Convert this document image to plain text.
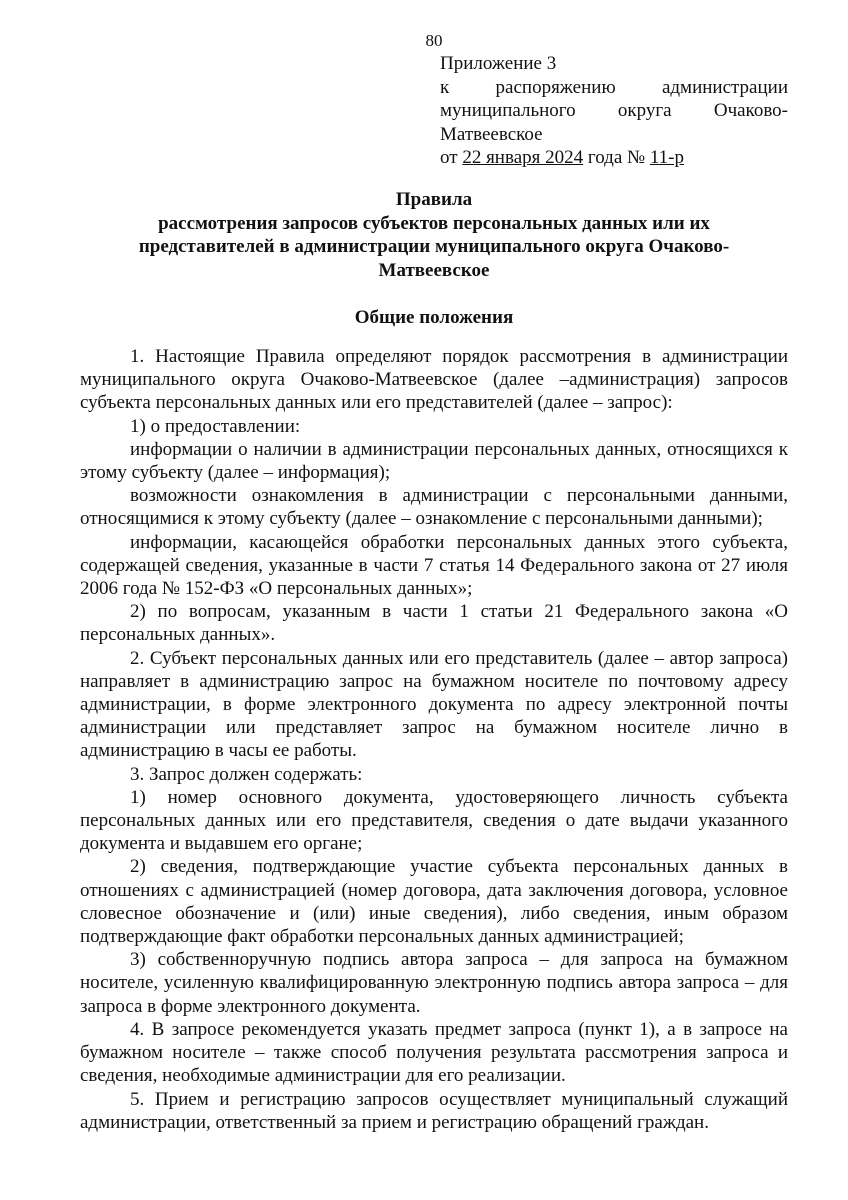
80
Приложение 3
к распоряжению администрации
муниципального округа Очаково-
Матвеевское
от 22 января 2024 года № 11-р
Правила
рассмотрения запросов субъектов персональных данных или их
представителей в администрации муниципального округа Очаково-
Матвеевское
Общие положения

1. Настоящие Правила определяют порядок рассмотрения в администрации муниципального округа Очаково-Матвеевское (далее –администрация) запросов субъекта персональных данных или его представителей (далее – запрос):

1) о предоставлении:

информации о наличии в администрации персональных данных, относящихся к этому субъекту (далее – информация);

возможности ознакомления в администрации с персональными данными, относящимися к этому субъекту (далее – ознакомление с персональными данными);

информации, касающейся обработки персональных данных этого субъекта, содержащей сведения, указанные в части 7 статья 14 Федерального закона от 27 июля 2006 года № 152-ФЗ «О персональных данных»;

2) по вопросам, указанным в части 1 статьи 21 Федерального закона «О персональных данных».

2. Субъект персональных данных или его представитель (далее – автор запроса) направляет в администрацию запрос на бумажном носителе по почтовому адресу администрации, в форме электронного документа по адресу электронной почты администрации или представляет запрос на бумажном носителе лично в администрацию в часы ее работы.

3. Запрос должен содержать:

1) номер основного документа, удостоверяющего личность субъекта персональных данных или его представителя, сведения о дате выдачи указанного документа и выдавшем его органе;

2) сведения, подтверждающие участие субъекта персональных данных в отношениях с администрацией (номер договора, дата заключения договора, условное словесное обозначение и (или) иные сведения), либо сведения, иным образом подтверждающие факт обработки персональных данных администрацией;

3) собственноручную подпись автора запроса – для запроса на бумажном носителе, усиленную квалифицированную электронную подпись автора запроса – для запроса в форме электронного документа.

4. В запросе рекомендуется указать предмет запроса (пункт 1), а в запросе на бумажном носителе – также способ получения результата рассмотрения запроса и сведения, необходимые администрации для его реализации.

5. Прием и регистрацию запросов осуществляет муниципальный служащий администрации, ответственный за прием и регистрацию обращений граждан.
